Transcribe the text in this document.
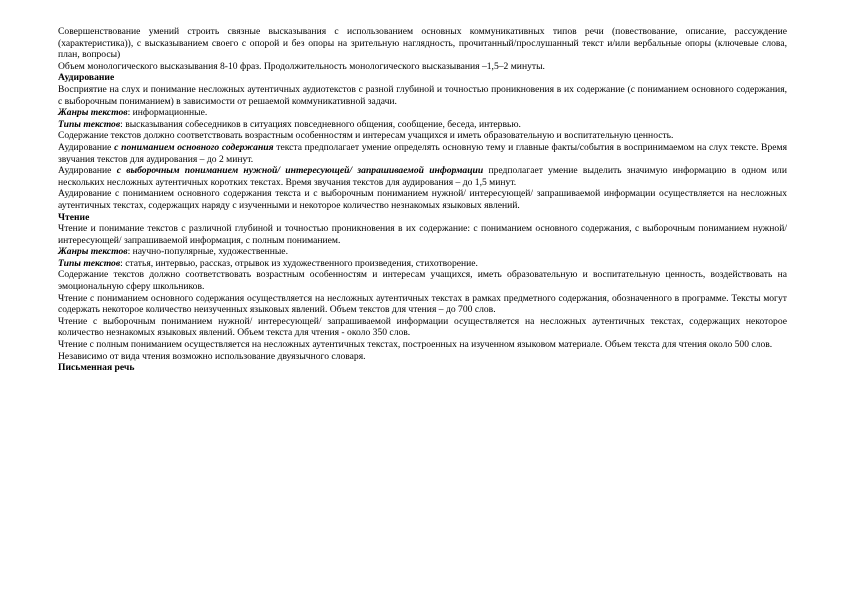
Совершенствование умений строить связные высказывания с использованием основных коммуникативных типов речи (повествование, описание, рассуждение (характеристика)), с высказыванием своего с опорой и без опоры на зрительную наглядность, прочитанный/прослушанный текст и/или вербальные опоры (ключевые слова, план, вопросы)

Объем монологического высказывания 8-10 фраз. Продолжительность монологического высказывания –1,5–2 минуты.

Аудирование

Восприятие на слух и понимание несложных аутентичных аудиотекстов с разной глубиной и точностью проникновения в их содержание (с пониманием основного содержания, с выборочным пониманием) в зависимости от решаемой коммуникативной задачи.

Жанры текстов: информационные.

Типы текстов: высказывания собеседников в ситуациях повседневного общения, сообщение, беседа, интервью.

Содержание текстов должно соответствовать возрастным особенностям и интересам учащихся и иметь образовательную и воспитательную ценность.

Аудирование с пониманием основного содержания текста предполагает умение определять основную тему и главные факты/события в воспринимаемом на слух тексте. Время звучания текстов для аудирования – до 2 минут.

Аудирование с выборочным пониманием нужной/ интересующей/ запрашиваемой информации предполагает умение выделить значимую информацию в одном или нескольких несложных аутентичных коротких текстах. Время звучания текстов для аудирования – до 1,5 минут.

Аудирование с пониманием основного содержания текста и с выборочным пониманием нужной/ интересующей/ запрашиваемой информации осуществляется на несложных аутентичных текстах, содержащих наряду с изученными и некоторое количество незнакомых языковых явлений.

Чтение

Чтение и понимание текстов с различной глубиной и точностью проникновения в их содержание: с пониманием основного содержания, с выборочным пониманием нужной/ интересующей/ запрашиваемой информация, с полным пониманием.

Жанры текстов: научно-популярные, художественные.

Типы текстов: статья, интервью, рассказ, отрывок из художественного произведения, стихотворение.

Содержание текстов должно соответствовать возрастным особенностям и интересам учащихся, иметь образовательную и воспитательную ценность, воздействовать на эмоциональную сферу школьников.

Чтение с пониманием основного содержания осуществляется на несложных аутентичных текстах в рамках предметного содержания, обозначенного в программе. Тексты могут содержать некоторое количество неизученных языковых явлений. Объем текстов для чтения – до 700 слов.

Чтение с выборочным пониманием нужной/ интересующей/ запрашиваемой информации осуществляется на несложных аутентичных текстах, содержащих некоторое количество незнакомых языковых явлений. Объем текста для чтения - около 350 слов.

Чтение с полным пониманием осуществляется на несложных аутентичных текстах, построенных на изученном языковом материале. Объем текста для чтения около 500 слов.

Независимо от вида чтения возможно использование двуязычного словаря.

Письменная речь
